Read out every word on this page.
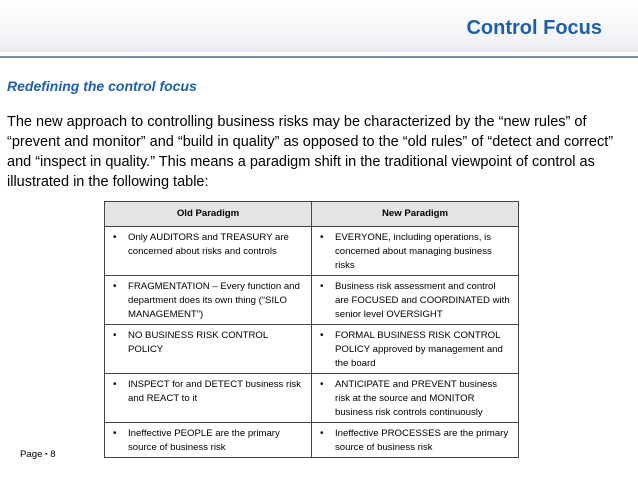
Control Focus
Redefining the control focus
The new approach to controlling business risks may be characterized by the “new rules” of “prevent and monitor” and “build in quality” as opposed to the “old rules” of “detect and correct” and “inspect in quality.” This means a paradigm shift in the traditional viewpoint of control as illustrated in the following table:
Old Paradigm	New Paradigm

• Only AUDITORS and TREASURY are concerned about risks and controls	• EVERYONE, including operations, is concerned about managing business risks

• FRAGMENTATION – Every function and department does its own thing (“SILO MANAGEMENT”)	• Business risk assessment and control are FOCUSED and COORDINATED with senior level OVERSIGHT

• NO BUSINESS RISK CONTROL POLICY	• FORMAL BUSINESS RISK CONTROL POLICY approved by management and the board

• INSPECT for and DETECT business risk and REACT to it	• ANTICIPATE and PREVENT business risk at the source and MONITOR business risk controls continuously

• Ineffective PEOPLE are the primary source of business risk	• Ineffective PROCESSES are the primary source of business risk
Page ▪ 8
